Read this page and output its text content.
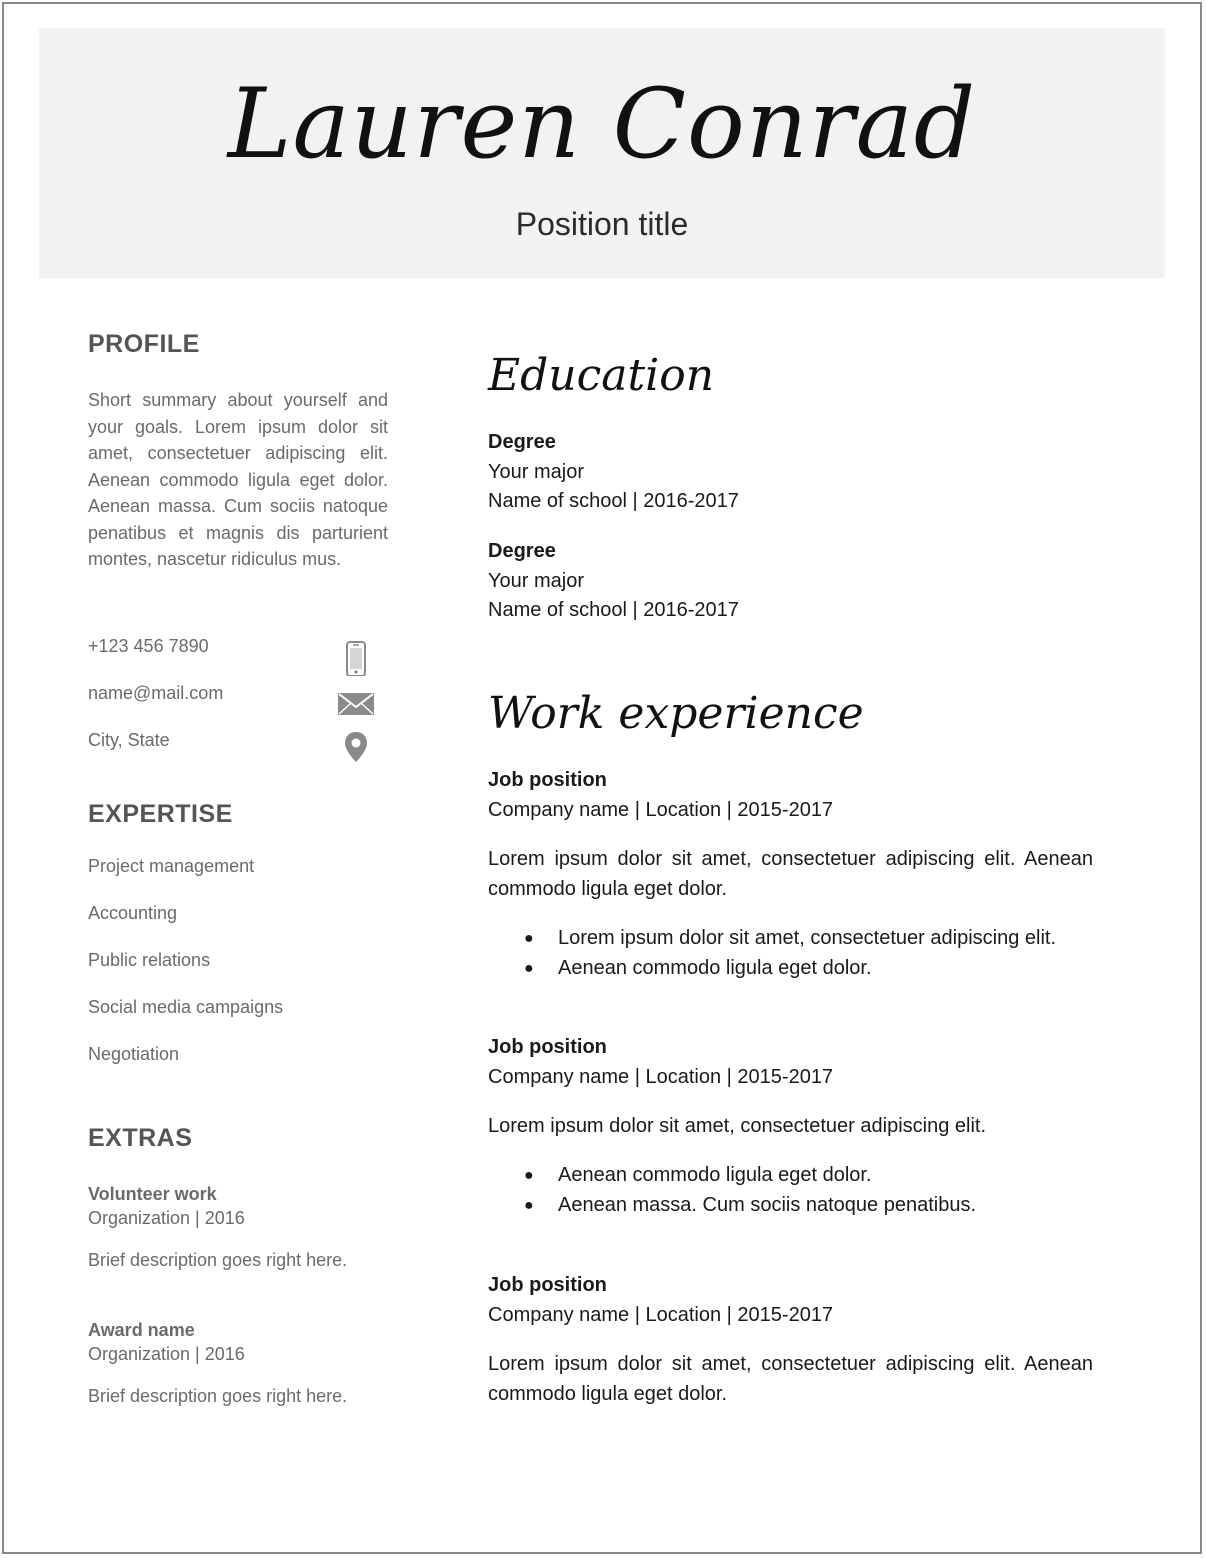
Lauren Conrad
Position title
PROFILE
Short summary about yourself and your goals. Lorem ipsum dolor sit amet, consectetuer adipiscing elit. Aenean commodo ligula eget dolor. Aenean massa. Cum sociis natoque penatibus et magnis dis parturient montes, nascetur ridiculus mus.
+123 456 7890
name@mail.com
City, State
EXPERTISE
Project management
Accounting
Public relations
Social media campaigns
Negotiation
EXTRAS
Volunteer work
Organization | 2016
Brief description goes right here.
Award name
Organization | 2016
Brief description goes right here.
Education
Degree
Your major
Name of school | 2016-2017
Degree
Your major
Name of school | 2016-2017
Work experience
Job position
Company name | Location | 2015-2017
Lorem ipsum dolor sit amet, consectetuer adipiscing elit. Aenean commodo ligula eget dolor.
● Lorem ipsum dolor sit amet, consectetuer adipiscing elit.
● Aenean commodo ligula eget dolor.
Job position
Company name | Location | 2015-2017
Lorem ipsum dolor sit amet, consectetuer adipiscing elit.
● Aenean commodo ligula eget dolor.
● Aenean massa. Cum sociis natoque penatibus.
Job position
Company name | Location | 2015-2017
Lorem ipsum dolor sit amet, consectetuer adipiscing elit. Aenean commodo ligula eget dolor.
